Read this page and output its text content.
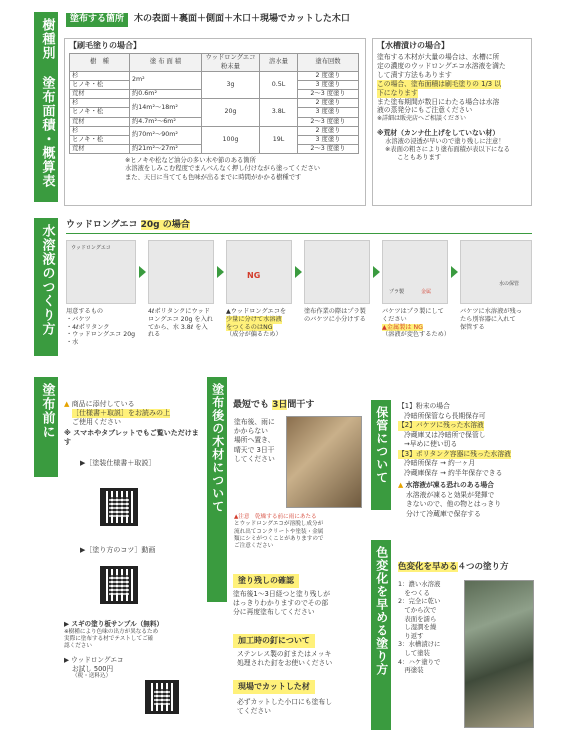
樹種別 塗布面積・概算表
水溶液のつくり方
塗布前に	塗布後の木材について	保管について
色変化を早める塗り方
塗布する箇所	木の表面＋裏面＋側面＋木口＋現場でカットした木口
【刷毛塗りの場合】
樹　種	塗 布 面 積	ウッドロングエコ 粉末量	溶水量	塗布回数
杉	2m²	3g	0.5L	2 度塗り
ヒノキ・松				3 度塗り
荒材	約0.6m²			2～3 度塗り
杉	約14m²～18m²	20g	3.8L	2 度塗り
ヒノキ・松				3 度塗り
荒材	約4.7m²～6m²			2～3 度塗り
杉	約70m²～90m²	100g	19L	2 度塗り
ヒノキ・松				3 度塗り
荒材	約21m²～27m²			2～3 度塗り
※ヒノキや松など油分の多い木や節のある箇所
水溶液をしみこむ程度でまんべんなく押し付けながら塗ってください
また、天日に当てても色味が出るまでに時間がかかる樹種です
【水槽漬けの場合】
塗布する木材が大量の場合は、水槽に所
定の濃度のウッドロングエコ水溶液を満た
して漬す方法もあります
この場合、塗布面積は刷毛塗りの 1/3 以
下になります
また塗布期間が数日にわたる場合は水溶
液の蒸発分にもご注意ください
※詳細は販売店へご相談ください
※荒材（カンナ仕上げをしていない材）
水溶液の浸透が早いので塗り残しに注意！
※表面の粗さにより塗布面積が表以下になる
こともあります
ウッドロングエコ 20g の場合
ウッドロングエコ
NG
プラ製	金属
水の保管
用意するもの
・バケツ
・4ℓポリタンク
・ウッドロングエコ 20g
・水
4ℓポリタンクにウッド
ロングエコ 20g を入れ
てから、水 3.8ℓ を入
れる
▲ウッドロングエコを
少量に分けて水溶液 をつくるのはNG
（成分が偏るため）
塗布作業の際はプラ製
のバケツに小分けする
バケツはプラ製にして
ください
▲金属製は NG
（溶液が変色するため）
バケツに水溶液が残っ
たら別容器に入れて
保管する
▲ 商品に添付している
［仕様書＋取説］をお読みの上
ご使用ください
※ スマホやタブレットでもご覧いただけます
▶［塗装仕様書＋取説］
▶［塗り方のコツ］動画
▶ スギの塗り板サンプル（無料）
※樹種により色味の出方が異なるため
実際に塗布する材でテストしてご確
認ください
▶ ウッドロングエコ
お試し 500円
（税・送料込）
最短でも 3日間干す
塗布後、雨に
かからない
場所へ置き、
晴天で 3日干
してください
▲注意　乾燥する前に雨にあたる
とウッドロングエコが溶脱し成分が
流れ出てコンクリートや塗装・金属
類にシミがつくことがありますので
ご注意ください
塗り残しの確認
塗布後1～3日経つと塗り残しが
はっきりわかりますのでその部
分に再度塗布してください
加工時の釘について
ステンレス製の釘またはメッキ
処理された釘をお使いください
現場でカットした材
必ずカットした小口にも塗布し
てください
【1】粉末の場合
冷暗所保管なら長期保存可
【2】バケツに残った水溶液
冷蔵庫又は冷暗所で保管し
→早めに使い切る
【3】ポリタンク容器に残った水溶液
冷暗所保存 → 約一ヶ月
冷蔵庫保存 → 約半年保存できる
▲ 水溶液が凍る恐れのある場合
水溶液が凍ると効果が発揮で
きないので、他の物とはっきり
分けて冷蔵庫で保存する
色変化を早める４つの塗り方
1：濃い水溶液
　をつくる
2：完全に乾い
　てから次で
　表面を濡ら
　し湿潤を繰
　り返す
3：水槽漬けに
　して塗装
4：ハケ塗りで
　再塗装
